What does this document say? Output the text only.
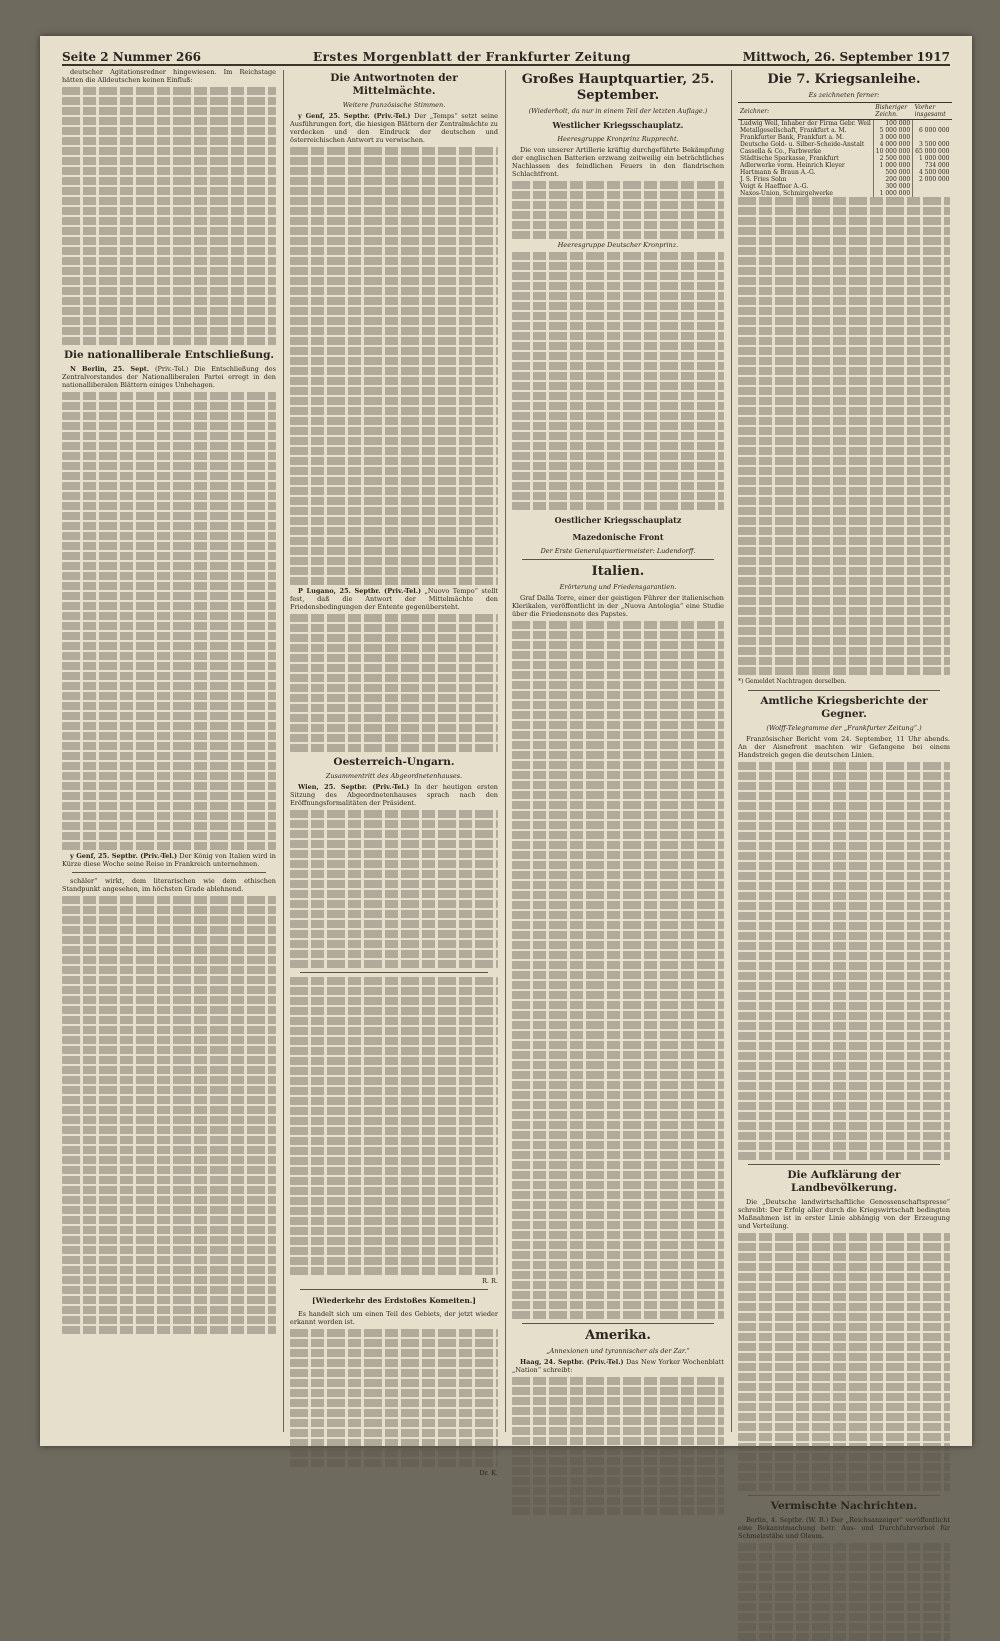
Seite 2 Nummer 266	Erstes Morgenblatt der Frankfurter Zeitung	Mittwoch, 26. September 1917

deutscher Agitationsredner hingewiesen. Im Reichstage hätten die Alldeutschen keinen Einfluß:

Die nationalliberale Entschließung.

N Berlin, 25. Sept. (Priv.-Tel.) Die Entschließung des Zentralvorstandes der Nationalliberalen Partei erregt in den nationalliberalen Blättern einiges Unbehagen.

y Genf, 25. Septbr. (Priv.-Tel.) Der König von Italien wird in Kürze diese Woche seine Reise in Frankreich unternehmen.

schäler“ wirkt, dem literarischen wie dem ethischen Standpunkt angesehen, im höchsten Grade ablehnend.

Die Antwortnoten der Mittelmächte.
Weitere französische Stimmen.

y Genf, 25. Septbr. (Priv.-Tel.) Der „Temps“ setzt seine Ausführungen fort, die hiesigen Blättern der Zentralmächte zu verdecken und den Eindruck der deutschen und österreichischen Antwort zu verwischen.

P Lugano, 25. Septbr. (Priv.-Tel.) „Nuovo Tempo“ stellt fest, daß die Antwort der Mittelmächte den Friedensbedingungen der Entente gegenübersteht.

Oesterreich-Ungarn.
Zusammentritt des Abgeordnetenhauses.

Wien, 25. Septbr. (Priv.-Tel.) In der heutigen ersten Sitzung des Abgeordnetenhauses sprach nach den Eröffnungsformalitäten der Präsident.

R. R.
[Wiederkehr des Erdstoßes Komeiten.]

Es handelt sich um einen Teil des Gebiets, der jetzt wieder erkannt worden ist.

Dr. K.
Großes Hauptquartier, 25. September.
(Wiederholt, da nur in einem Teil der letzten Auflage.)
Westlicher Kriegsschauplatz.
Heeresgruppe Kronprinz Rupprecht.

Die von unserer Artillerie kräftig durchgeführte Bekämpfung der englischen Batterien erzwang zeitweilig ein beträchtliches Nachlassen des feindlichen Feuers in den flandrischen Schlachtfront.

Heeresgruppe Deutscher Kronprinz.
Oestlicher Kriegsschauplatz
Mazedonische Front
Der Erste Generalquartiermeister: Ludendorff.
Italien.
Erörterung und Friedensgarantien.

Graf Dalla Torre, einer der geistigen Führer der italienischen Klerikalen, veröffentlicht in der „Nuova Antologia“ eine Studie über die Friedensnote des Papstes.

Amerika.
„Annexionen und tyrannischer als der Zar.“

Haag, 24. Septbr. (Priv.-Tel.) Das New Yorker Wochenblatt „Nation“ schreibt:

Die 7. Kriegsanleihe.
Es zeichneten ferner:
Zeichner:	Bisheriger Zeichn.	Vorher insgesamt
Ludwig Weil, Inhaber der Firma Gebr. Weil	100 000	
Metallgesellschaft, Frankfurt a. M.	5 000 000	6 000 000
Frankfurter Bank, Frankfurt a. M.	3 000 000	
Deutsche Gold- u. Silber-Scheide-Anstalt	4 000 000	3 500 000
Cassella & Co., Farbwerke	10 000 000	65 000 000
Städtische Sparkasse, Frankfurt	2 500 000	1 000 000
Adlerwerke vorm. Heinrich Kleyer	1 000 000	734 000
Hartmann & Braun A.-G.	500 000	4 500 000
J. S. Fries Sohn	200 000	2 000 000
Voigt & Haeffner A.-G.	300 000	
Naxos-Union, Schmirgelwerke	1 000 000	
*) Gemeldet Nachtragen derselben.
Amtliche Kriegsberichte der Gegner.
(Wolff-Telegramme der „Frankfurter Zeitung“.)

Französischer Bericht vom 24. September, 11 Uhr abends. An der Aisnefront machten wir Gefangene bei einem Handstreich gegen die deutschen Linien.

Die Aufklärung der Landbevölkerung.

Die „Deutsche landwirtschaftliche Genossenschaftspresse“ schreibt: Der Erfolg aller durch die Kriegswirtschaft bedingten Maßnahmen ist in erster Linie abhängig von der Erzeugung und Verteilung.

Vermischte Nachrichten.

Berlin, 4. Septbr. (W. B.) Der „Reichsanzeiger“ veröffentlicht eine Bekanntmachung betr. Aus- und Durchfuhrverbot für Schmelzstäbe und Oleum.
